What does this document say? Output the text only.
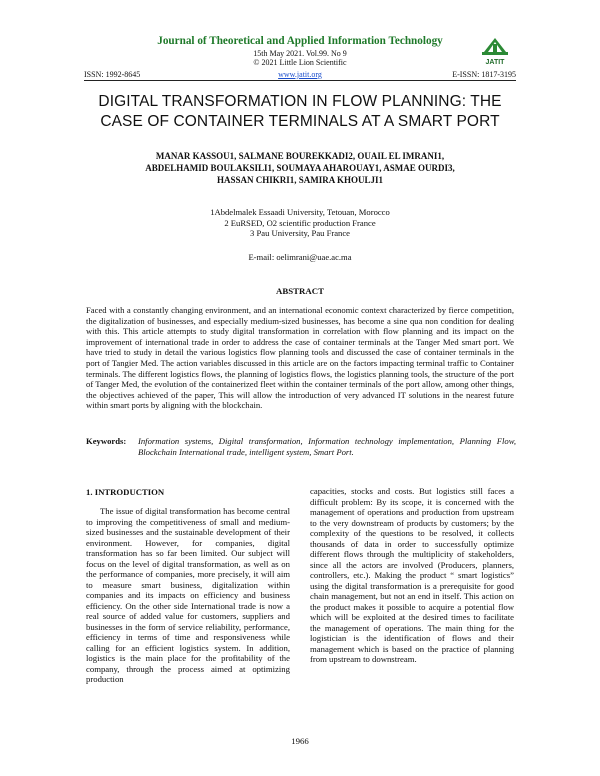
Journal of Theoretical and Applied Information Technology
15th May 2021. Vol.99. No 9
© 2021 Little Lion Scientific	JATIT
ISSN: 1992-8645	www.jatit.org	E-ISSN: 1817-3195
DIGITAL TRANSFORMATION IN FLOW PLANNING: THE
CASE OF CONTAINER TERMINALS AT A SMART PORT
MANAR KASSOU1, SALMANE BOUREKKADI2, OUAIL EL IMRANI1,
ABDELHAMID BOULAKSILI1, SOUMAYA AHAROUAY1, ASMAE OURDI3,
HASSAN CHIKRI1, SAMIRA KHOULJI1
1Abdelmalek Essaadi University, Tetouan, Morocco
2 EuRSED, O2 scientific production France
3 Pau University, Pau France
E-mail: oelimrani@uae.ac.ma
ABSTRACT
Faced with a constantly changing environment, and an international economic context characterized by fierce competition, the digitalization of businesses, and especially medium-sized businesses, has become a sine qua non condition for dealing with this. This article attempts to study digital transformation in correlation with flow planning and its impact on the improvement of international trade in order to address the case of container terminals at the Tanger Med smart port. We have tried to study in detail the various logistics flow planning tools and discussed the case of container terminals in the port of Tangier Med. The action variables discussed in this article are on the factors impacting terminal traffic to Container terminals. The different logistics flows, the planning of logistics flows, the logistics planning tools, the structure of the port of Tanger Med, the evolution of the containerized fleet within the container terminals of the port allow, among other things, the objectives achieved of the paper, This will allow the introduction of very advanced IT solutions in the nearest future within smart ports by aligning with the blockchain.
Keywords:	Information systems, Digital transformation, Information technology implementation, Planning Flow, Blockchain International trade, intelligent system, Smart Port.
1. INTRODUCTION
The issue of digital transformation has become central to improving the competitiveness of small and medium-sized businesses and the sustainable development of their environment. However, for companies, digital transformation has so far been limited. Our subject will focus on the level of digital transformation, as well as on the performance of companies, more precisely, it will aim to measure smart business, digitalization within companies and its impacts on efficiency and business efficiency. On the other side International trade is now a real source of added value for customers, suppliers and businesses in the form of service reliability, performance, efficiency in terms of time and responsiveness while calling for an efficient logistics system. In addition, logistics is the main place for the profitability of the company, through the process aimed at optimizing production
capacities, stocks and costs. But logistics still faces a difficult problem: By its scope, it is concerned with the management of operations and production from upstream to the very downstream of products by customers; by the complexity of the questions to be resolved, it collects thousands of data in order to successfully optimize different flows through the multiplicity of stakeholders, since all the actors are involved (Producers, planners, controllers, etc.). Making the product “ smart logistics” using the digital transformation is a prerequisite for good chain management, but not an end in itself. This action on the product makes it possible to acquire a potential flow which will be exploited at the desired times to facilitate the management of operations. The main thing for the logistician is the identification of flows and their management which is based on the practice of planning from upstream to downstream.
1966
